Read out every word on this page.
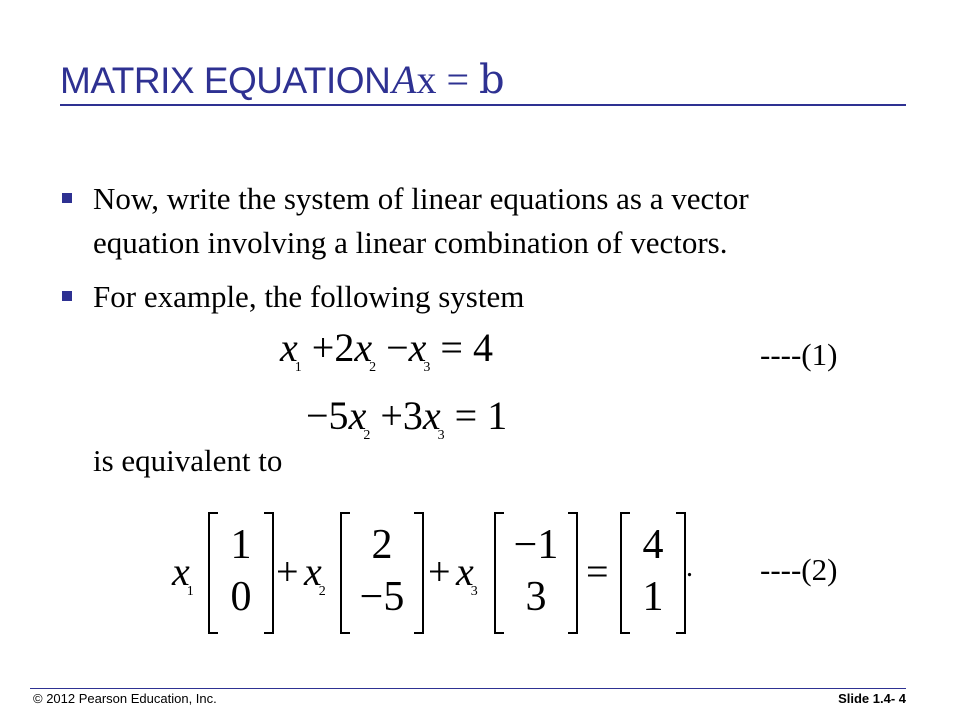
MATRIX EQUATION Ax = b
Now, write the system of linear equations as a vector
equation involving a linear combination of vectors.
For example, the following system
$x_1 +2x_2 -x_3 = 4$	----(1)
$-5x_2 +3x_3 = 1$
is equivalent to
$x_1$
1
0
+ $x_2$
2
−5
+ $x_3$
−1
3
=
4
1
. ----(2)
© 2012 Pearson Education, Inc.	Slide 1.4- 4
